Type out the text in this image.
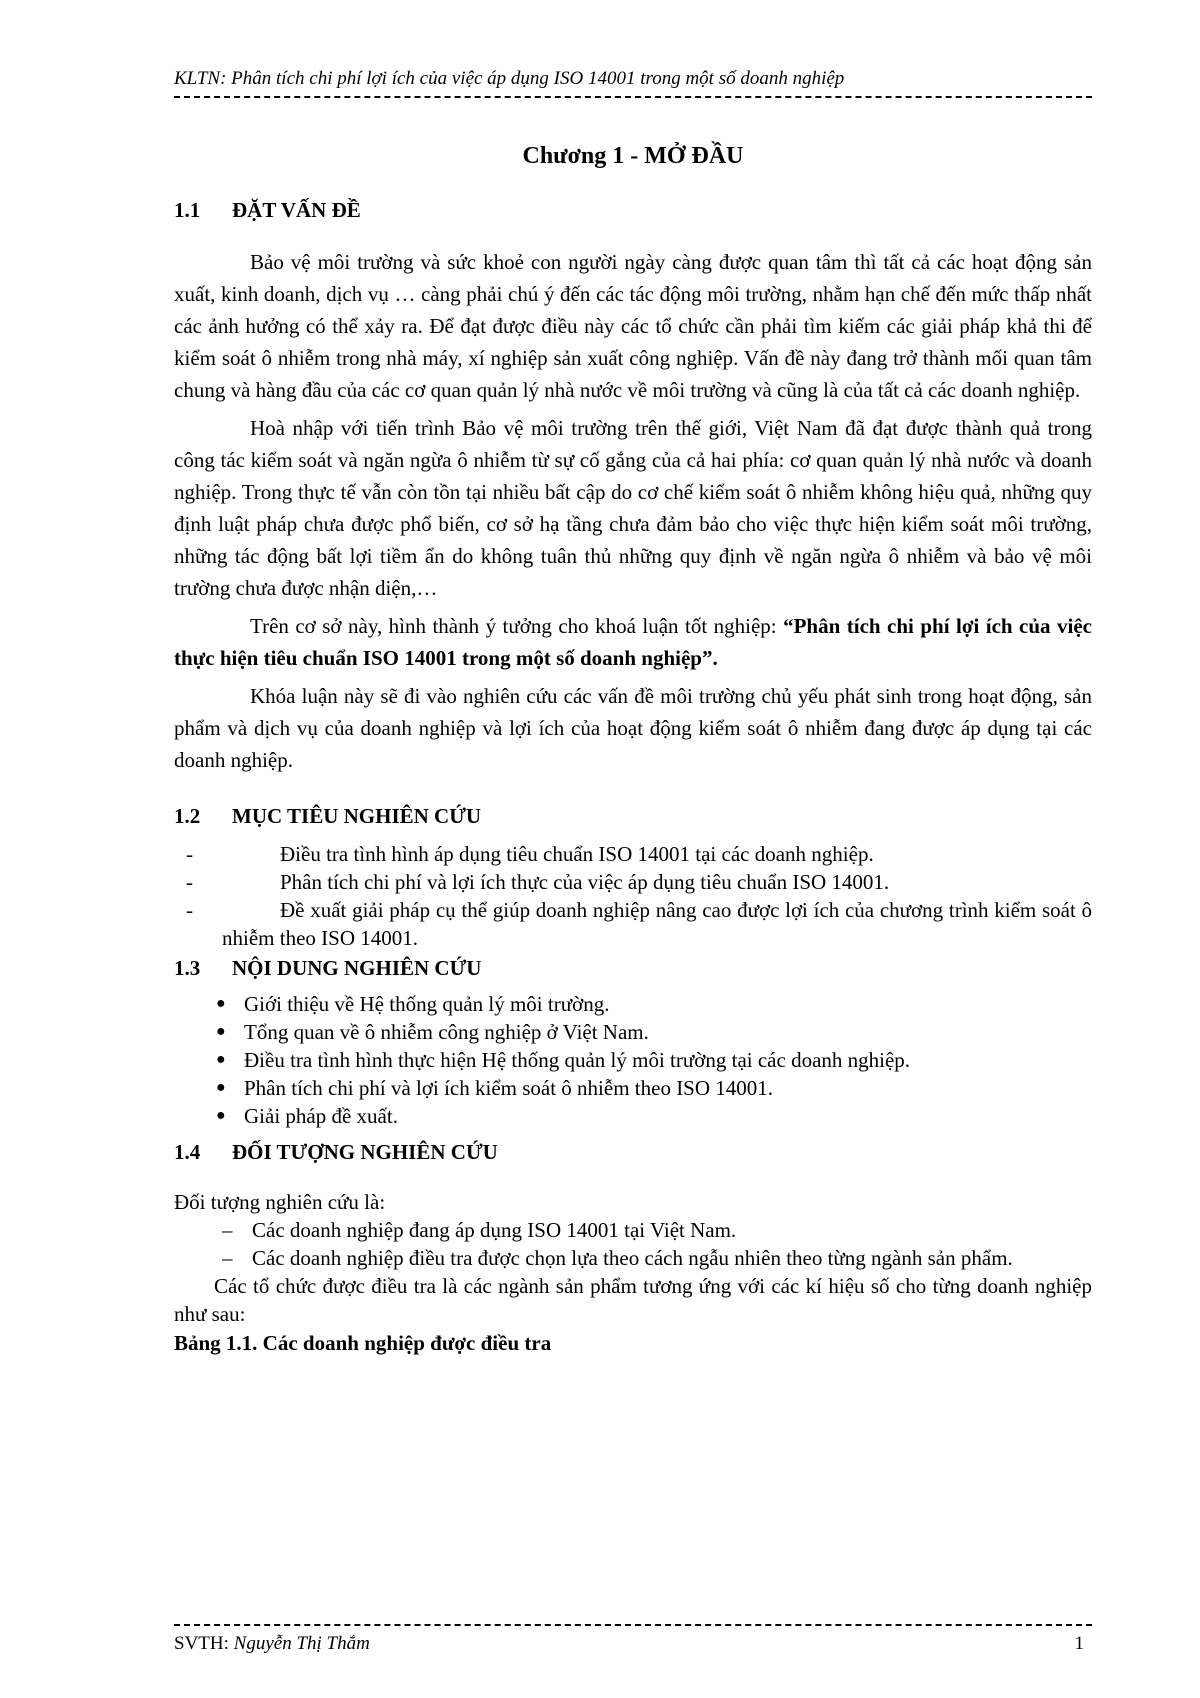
KLTN: Phân tích chi phí lợi ích của việc áp dụng ISO 14001 trong một số doanh nghiệp
Chương 1 - MỞ ĐẦU
1.1 ĐẶT VẤN ĐỀ

Bảo vệ môi trường và sức khoẻ con người ngày càng được quan tâm thì tất cả các hoạt động sản xuất, kinh doanh, dịch vụ … càng phải chú ý đến các tác động môi trường, nhằm hạn chế đến mức thấp nhất các ảnh hưởng có thể xảy ra. Để đạt được điều này các tổ chức cần phải tìm kiếm các giải pháp khả thi để kiểm soát ô nhiễm trong nhà máy, xí nghiệp sản xuất công nghiệp. Vấn đề này đang trở thành mối quan tâm chung và hàng đầu của các cơ quan quản lý nhà nước về môi trường và cũng là của tất cả các doanh nghiệp.

Hoà nhập với tiến trình Bảo vệ môi trường trên thế giới, Việt Nam đã đạt được thành quả trong công tác kiểm soát và ngăn ngừa ô nhiễm từ sự cố gắng của cả hai phía: cơ quan quản lý nhà nước và doanh nghiệp. Trong thực tế vẫn còn tồn tại nhiều bất cập do cơ chế kiểm soát ô nhiễm không hiệu quả, những quy định luật pháp chưa được phổ biến, cơ sở hạ tầng chưa đảm bảo cho việc thực hiện kiểm soát môi trường, những tác động bất lợi tiềm ẩn do không tuân thủ những quy định về ngăn ngừa ô nhiễm và bảo vệ môi trường chưa được nhận diện,…

Trên cơ sở này, hình thành ý tưởng cho khoá luận tốt nghiệp: “Phân tích chi phí lợi ích của việc thực hiện tiêu chuẩn ISO 14001 trong một số doanh nghiệp”.

Khóa luận này sẽ đi vào nghiên cứu các vấn đề môi trường chủ yếu phát sinh trong hoạt động, sản phẩm và dịch vụ của doanh nghiệp và lợi ích của hoạt động kiểm soát ô nhiễm đang được áp dụng tại các doanh nghiệp.

1.2 MỤC TIÊU NGHIÊN CỨU
-	Điều tra tình hình áp dụng tiêu chuẩn ISO 14001 tại các doanh nghiệp.
-	Phân tích chi phí và lợi ích thực của việc áp dụng tiêu chuẩn ISO 14001.
-	Đề xuất giải pháp cụ thể giúp doanh nghiệp nâng cao được lợi ích của chương trình kiểm soát ô nhiễm theo ISO 14001.
1.3 NỘI DUNG NGHIÊN CỨU
● Giới thiệu về Hệ thống quản lý môi trường.
● Tổng quan về ô nhiễm công nghiệp ở Việt Nam.
● Điều tra tình hình thực hiện Hệ thống quản lý môi trường tại các doanh nghiệp.
● Phân tích chi phí và lợi ích kiểm soát ô nhiễm theo ISO 14001.
● Giải pháp đề xuất.
1.4 ĐỐI TƯỢNG NGHIÊN CỨU

Đối tượng nghiên cứu là:

– Các doanh nghiệp đang áp dụng ISO 14001 tại Việt Nam.
– Các doanh nghiệp điều tra được chọn lựa theo cách ngẫu nhiên theo từng ngành sản phẩm.

Các tổ chức được điều tra là các ngành sản phẩm tương ứng với các kí hiệu số cho từng doanh nghiệp như sau:

Bảng 1.1. Các doanh nghiệp được điều tra

SVTH: Nguyễn Thị Thắm	1
